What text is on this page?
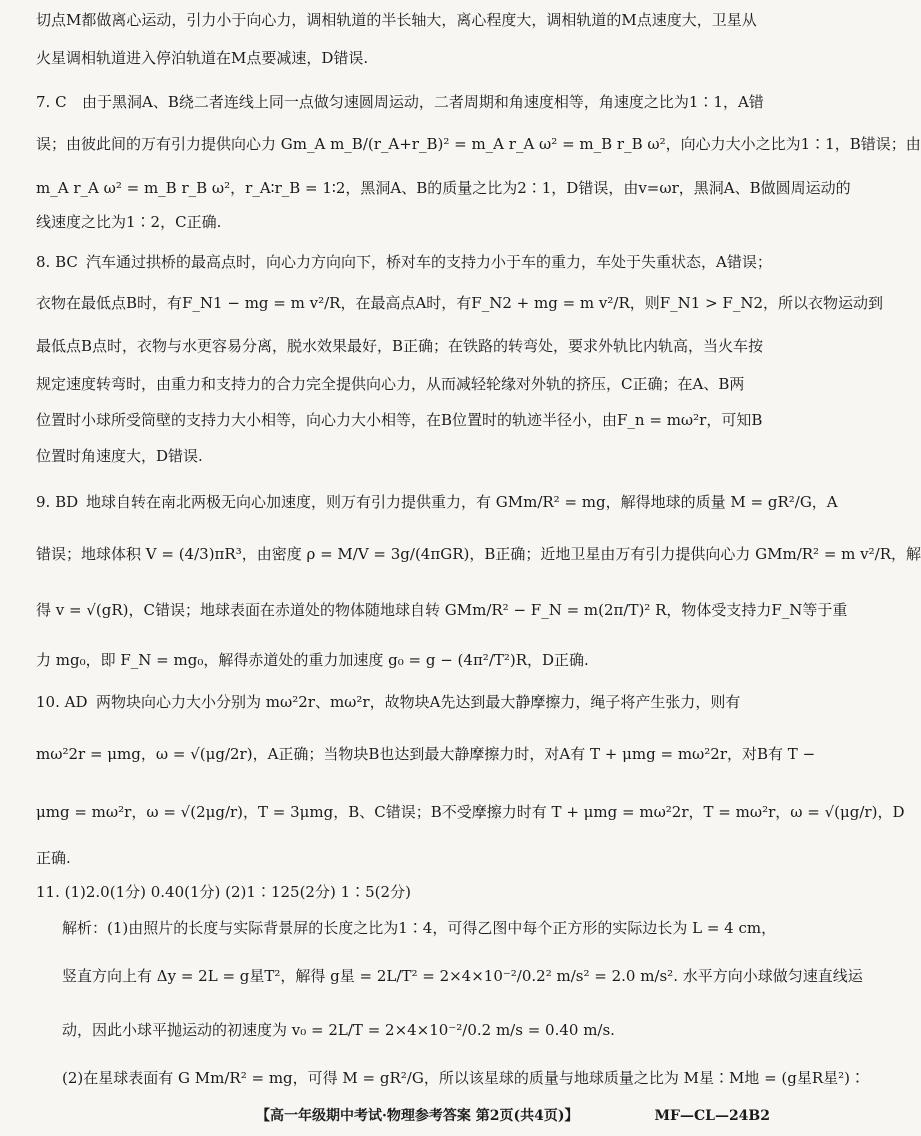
切点M都做离心运动，引力小于向心力，调相轨道的半长轴大，离心程度大，调相轨道的M点速度大，卫星从
火星调相轨道进入停泊轨道在M点要减速，D错误.
7. C 由于黑洞A、B绕二者连线上同一点做匀速圆周运动，二者周期和角速度相等，角速度之比为1∶1，A错
误；由彼此间的万有引力提供向心力 Gm_A m_B/(r_A+r_B)² = m_A r_A ω² = m_B r_B ω²，向心力大小之比为1∶1，B错误；由
m_A r_A ω² = m_B r_B ω²，r_A∶r_B = 1∶2，黑洞A、B的质量之比为2∶1，D错误，由v=ωr，黑洞A、B做圆周运动的
线速度之比为1∶2，C正确.
8. BC 汽车通过拱桥的最高点时，向心力方向向下，桥对车的支持力小于车的重力，车处于失重状态，A错误；
衣物在最低点B时，有F_N1 − mg = m v²/R，在最高点A时，有F_N2 + mg = m v²/R，则F_N1 > F_N2，所以衣物运动到
最低点B点时，衣物与水更容易分离，脱水效果最好，B正确；在铁路的转弯处，要求外轨比内轨高，当火车按
规定速度转弯时，由重力和支持力的合力完全提供向心力，从而减轻轮缘对外轨的挤压，C正确；在A、B两
位置时小球所受筒壁的支持力大小相等，向心力大小相等，在B位置时的轨迹半径小，由F_n = mω²r，可知B
位置时角速度大，D错误.
9. BD 地球自转在南北两极无向心加速度，则万有引力提供重力，有 GMm/R² = mg，解得地球的质量 M = gR²/G，A
错误；地球体积 V = (4/3)πR³，由密度 ρ = M/V = 3g/(4πGR)，B正确；近地卫星由万有引力提供向心力 GMm/R² = m v²/R，解
得 v = √(gR)，C错误；地球表面在赤道处的物体随地球自转 GMm/R² − F_N = m(2π/T)² R，物体受支持力F_N等于重
力 mg₀，即 F_N = mg₀，解得赤道处的重力加速度 g₀ = g − (4π²/T²)R，D正确.
10. AD 两物块向心力大小分别为 mω²2r、mω²r，故物块A先达到最大静摩擦力，绳子将产生张力，则有
mω²2r = μmg，ω = √(μg/2r)，A正确；当物块B也达到最大静摩擦力时，对A有 T + μmg = mω²2r，对B有 T −
μmg = mω²r，ω = √(2μg/r)，T = 3μmg，B、C错误；B不受摩擦力时有 T + μmg = mω²2r，T = mω²r，ω = √(μg/r)，D
正确.
11. (1)2.0(1分) 0.40(1分) (2)1∶125(2分) 1∶5(2分)
解析：(1)由照片的长度与实际背景屏的长度之比为1∶4，可得乙图中每个正方形的实际边长为 L = 4 cm，
竖直方向上有 Δy = 2L = g星T²，解得 g星 = 2L/T² = 2×4×10⁻²/0.2² m/s² = 2.0 m/s². 水平方向小球做匀速直线运
动，因此小球平抛运动的初速度为 v₀ = 2L/T = 2×4×10⁻²/0.2 m/s = 0.40 m/s.
(2)在星球表面有 G Mm/R² = mg，可得 M = gR²/G，所以该星球的质量与地球质量之比为 M星∶M地 = (g星R星²)∶
【高一年级期中考试·物理参考答案 第2页(共4页)】	MF—CL—24B2
